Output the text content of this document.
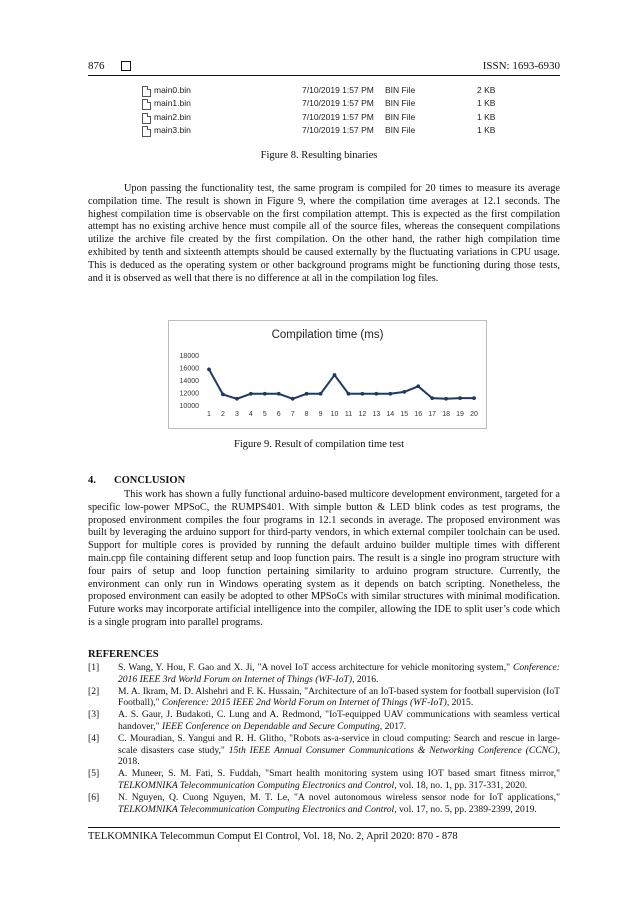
876	ISSN: 1693-6930
main0.bin	7/10/2019 1:57 PM BIN File	2 KB
main1.bin	7/10/2019 1:57 PM BIN File	1 KB
main2.bin	7/10/2019 1:57 PM BIN File	1 KB
main3.bin	7/10/2019 1:57 PM BIN File	1 KB
Figure 8. Resulting binaries

Upon passing the functionality test, the same program is compiled for 20 times to measure its average compilation time. The result is shown in Figure 9, where the compilation time averages at 12.1 seconds. The highest compilation time is observable on the first compilation attempt. This is expected as the first compilation attempt has no existing archive hence must compile all of the source files, whereas the consequent compilations utilize the archive file created by the first compilation. On the other hand, the rather high compilation time exhibited by tenth and sixteenth attempts should be caused externally by the fluctuating variations in CPU usage. This is deduced as the operating system or other background programs might be functioning during those tests, and it is observed as well that there is no difference at all in the compilation log files.

Compilation time (ms)
10000
12000
14000
16000
18000
1 2 3 4 5 6 7 8 9 10 11 12 13 14 15 16 17 18 19 20
Figure 9. Result of compilation time test
4. CONCLUSION

This work has shown a fully functional arduino-based multicore development environment, targeted for a specific low-power MPSoC, the RUMPS401. With simple button & LED blink codes as test programs, the proposed environment compiles the four programs in 12.1 seconds in average. The proposed environment was built by leveraging the arduino support for third-party vendors, in which external compiler toolchain can be used. Support for multiple cores is provided by running the default arduino builder multiple times with different main.cpp file containing different setup and loop function pairs. The result is a single ino program structure with four pairs of setup and loop function pertaining similarity to arduino program structure. Currently, the environment can only run in Windows operating system as it depends on batch scripting. Nonetheless, the proposed environment can easily be adopted to other MPSoCs with similar structures with minimal modification. Future works may incorporate artificial intelligence into the compiler, allowing the IDE to split user’s code which is a single program into parallel programs.

REFERENCES
[1] S. Wang, Y. Hou, F. Gao and X. Ji, "A novel IoT access architecture for vehicle monitoring system," Conference: 2016 IEEE 3rd World Forum on Internet of Things (WF-IoT), 2016.
[2] M. A. Ikram, M. D. Alshehri and F. K. Hussain, "Architecture of an IoT-based system for football supervision (IoT Football)," Conference: 2015 IEEE 2nd World Forum on Internet of Things (WF-IoT), 2015.
[3] A. S. Gaur, J. Budakoti, C. Lung and A. Redmond, "IoT-equipped UAV communications with seamless vertical handover," IEEE Conference on Dependable and Secure Computing, 2017.
[4] C. Mouradian, S. Yangui and R. H. Glitho, "Robots as-a-service in cloud computing: Search and rescue in large-scale disasters case study," 15th IEEE Annual Consumer Communications & Networking Conference (CCNC), 2018.
[5] A. Muneer, S. M. Fati, S. Fuddah, "Smart health monitoring system using IOT based smart fitness mirror," TELKOMNIKA Telecommunication Computing Electronics and Control, vol. 18, no. 1, pp. 317-331, 2020.
[6] N. Nguyen, Q. Cuong Nguyen, M. T. Le, "A novel autonomous wireless sensor node for IoT applications," TELKOMNIKA Telecommunication Computing Electronics and Control, vol. 17, no. 5, pp. 2389-2399, 2019.
TELKOMNIKA Telecommun Comput El Control, Vol. 18, No. 2, April 2020: 870 - 878
